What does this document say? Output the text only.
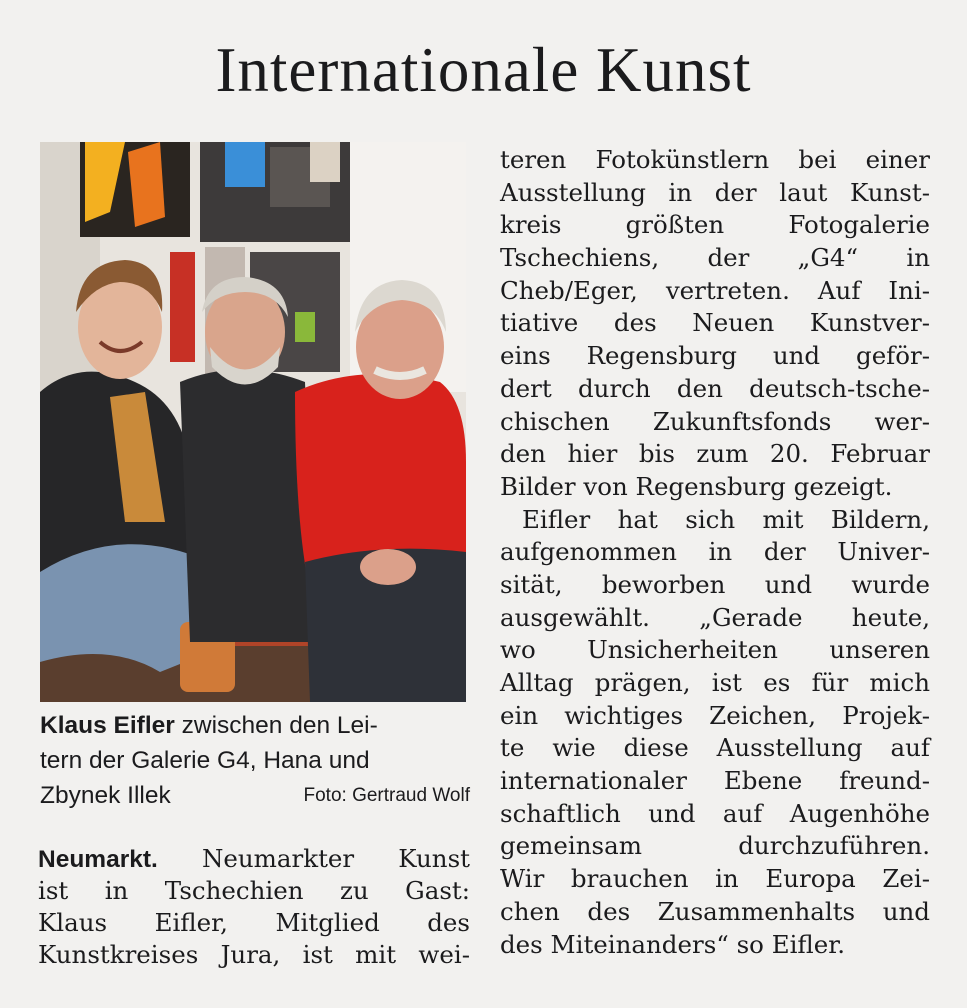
Internationale Kunst
Klaus Eifler zwischen den Lei-
tern der Galerie G4, Hana und
Zbynek Illek	Foto: Gertraud Wolf
Neumarkt. Neumarkter Kunst
ist in Tschechien zu Gast:
Klaus Eifler, Mitglied des
Kunstkreises Jura, ist mit wei-
teren Fotokünstlern bei einer
Ausstellung in der laut Kunst-
kreis größten Fotogalerie
Tschechiens, der „G4“ in
Cheb/Eger, vertreten. Auf Ini-
tiative des Neuen Kunstver-
eins Regensburg und geför-
dert durch den deutsch-tsche-
chischen Zukunftsfonds wer-
den hier bis zum 20. Februar
Bilder von Regensburg gezeigt.
Eifler hat sich mit Bildern,
aufgenommen in der Univer-
sität, beworben und wurde
ausgewählt. „Gerade heute,
wo Unsicherheiten unseren
Alltag prägen, ist es für mich
ein wichtiges Zeichen, Projek-
te wie diese Ausstellung auf
internationaler Ebene freund-
schaftlich und auf Augenhöhe
gemeinsam durchzuführen.
Wir brauchen in Europa Zei-
chen des Zusammenhalts und
des Miteinanders“ so Eifler.
